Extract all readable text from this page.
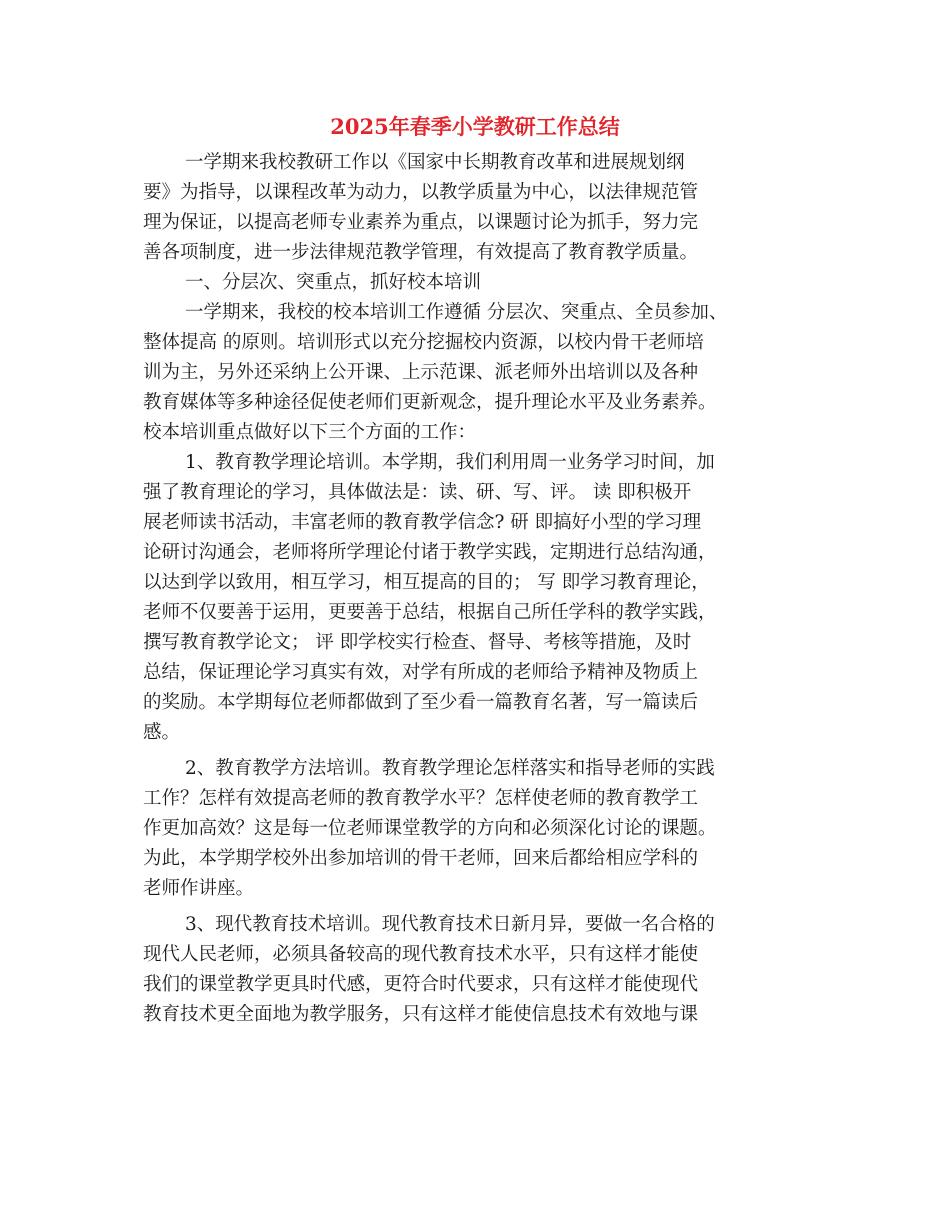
2025年春季小学教研工作总结
一学期来我校教研工作以《国家中长期教育改革和进展规划纲
要》为指导，以课程改革为动力，以教学质量为中心，以法律规范管
理为保证，以提高老师专业素养为重点，以课题讨论为抓手，努力完
善各项制度，进一步法律规范教学管理，有效提高了教育教学质量。
一、分层次、突重点，抓好校本培训
一学期来，我校的校本培训工作遵循 分层次、突重点、全员参加、
整体提高 的原则。培训形式以充分挖掘校内资源，以校内骨干老师培
训为主，另外还采纳上公开课、上示范课、派老师外出培训以及各种
教育媒体等多种途径促使老师们更新观念，提升理论水平及业务素养。
校本培训重点做好以下三个方面的工作：
1、教育教学理论培训。本学期，我们利用周一业务学习时间，加
强了教育理论的学习，具体做法是：读、研、写、评。 读 即积极开
展老师读书活动，丰富老师的教育教学信念? 研 即搞好小型的学习理
论研讨沟通会，老师将所学理论付诸于教学实践，定期进行总结沟通，
以达到学以致用，相互学习，相互提高的目的； 写 即学习教育理论，
老师不仅要善于运用，更要善于总结，根据自己所任学科的教学实践，
撰写教育教学论文； 评 即学校实行检查、督导、考核等措施，及时
总结，保证理论学习真实有效，对学有所成的老师给予精神及物质上
的奖励。本学期每位老师都做到了至少看一篇教育名著，写一篇读后
感。
2、教育教学方法培训。教育教学理论怎样落实和指导老师的实践
工作？怎样有效提高老师的教育教学水平？怎样使老师的教育教学工
作更加高效？这是每一位老师课堂教学的方向和必须深化讨论的课题。
为此，本学期学校外出参加培训的骨干老师，回来后都给相应学科的
老师作讲座。
3、现代教育技术培训。现代教育技术日新月异，要做一名合格的
现代人民老师，必须具备较高的现代教育技术水平，只有这样才能使
我们的课堂教学更具时代感，更符合时代要求，只有这样才能使现代
教育技术更全面地为教学服务，只有这样才能使信息技术有效地与课
